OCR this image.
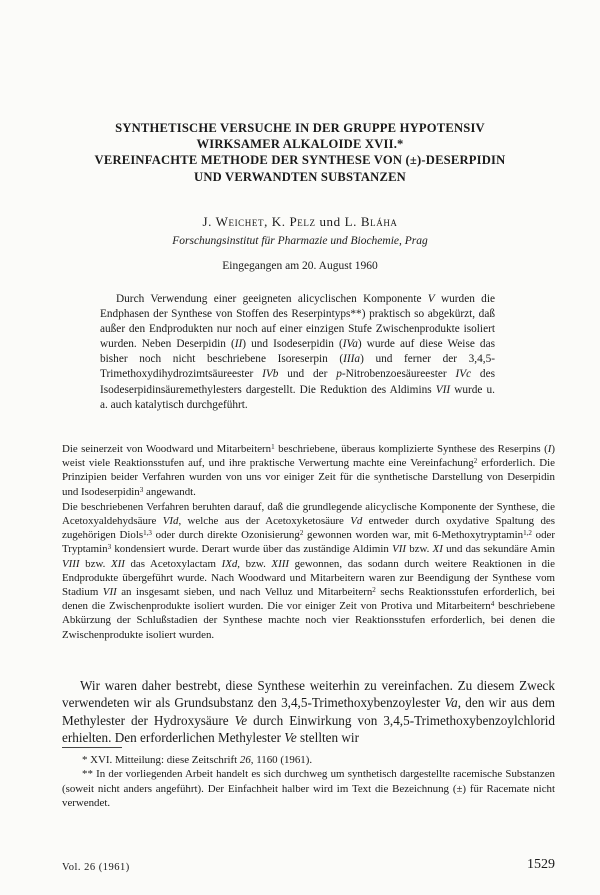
SYNTHETISCHE VERSUCHE IN DER GRUPPE HYPOTENSIV
WIRKSAMER ALKALOIDE XVII.*
VEREINFACHTE METHODE DER SYNTHESE VON (±)-DESERPIDIN
UND VERWANDTEN SUBSTANZEN
J. Weichet, K. Pelz und L. Bláha
Forschungsinstitut für Pharmazie und Biochemie, Prag
Eingegangen am 20. August 1960

Durch Verwendung einer geeigneten alicyclischen Komponente V wurden die Endphasen der Synthese von Stoffen des Reserpintyps**) praktisch so abgekürzt, daß außer den Endprodukten nur noch auf einer einzigen Stufe Zwischenprodukte isoliert wurden. Neben Deserpidin (II) und Isodeserpidin (IVa) wurde auf diese Weise das bisher noch nicht beschriebene Isoreserpin (IIIa) und ferner der 3,4,5-Trimethoxydihydrozimtsäureester IVb und der p-Nitrobenzoesäureester IVc des Isodeserpidinsäuremethylesters dargestellt. Die Reduktion des Aldimins VII wurde u. a. auch katalytisch durchgeführt.

Die seinerzeit von Woodward und Mitarbeitern$^1$ beschriebene, überaus komplizierte Synthese des Reserpins (I) weist viele Reaktionsstufen auf, und ihre praktische Verwertung machte eine Vereinfachung$^2$ erforderlich. Die Prinzipien beider Verfahren wurden von uns vor einiger Zeit für die synthetische Darstellung von Deserpidin und Isodeserpidin$^3$ angewandt.

Die beschriebenen Verfahren beruhten darauf, daß die grundlegende alicyclische Komponente der Synthese, die Acetoxyaldehydsäure VId, welche aus der Acetoxyketosäure Vd entweder durch oxydative Spaltung des zugehörigen Diols$^{1,3}$ oder durch direkte Ozonisierung$^2$ gewonnen worden war, mit 6-Methoxytryptamin$^{1,2}$ oder Tryptamin$^3$ kondensiert wurde. Derart wurde über das zuständige Aldimin VII bzw. XI und das sekundäre Amin VIII bzw. XII das Acetoxylactam IXd, bzw. XIII gewonnen, das sodann durch weitere Reaktionen in die Endprodukte übergeführt wurde. Nach Woodward und Mitarbeitern waren zur Beendigung der Synthese vom Stadium VII an insgesamt sieben, und nach Velluz und Mitarbeitern$^2$ sechs Reaktionsstufen erforderlich, bei denen die Zwischenprodukte isoliert wurden. Die vor einiger Zeit von Protiva und Mitarbeitern$^4$ beschriebene Abkürzung der Schlußstadien der Synthese machte noch vier Reaktionsstufen erforderlich, bei denen die Zwischenprodukte isoliert wurden.

Wir waren daher bestrebt, diese Synthese weiterhin zu vereinfachen. Zu diesem Zweck verwendeten wir als Grundsubstanz den 3,4,5-Trimethoxybenzoylester Va, den wir aus dem Methylester der Hydroxysäure Ve durch Einwirkung von 3,4,5-Trimethoxybenzoylchlorid erhielten. Den erforderlichen Methylester Ve stellten wir

* XVI. Mitteilung: diese Zeitschrift 26, 1160 (1961).

** In der vorliegenden Arbeit handelt es sich durchweg um synthetisch dargestellte racemische Substanzen (soweit nicht anders angeführt). Der Einfachheit halber wird im Text die Bezeichnung (±) für Racemate nicht verwendet.

Vol. 26 (1961)	1529
